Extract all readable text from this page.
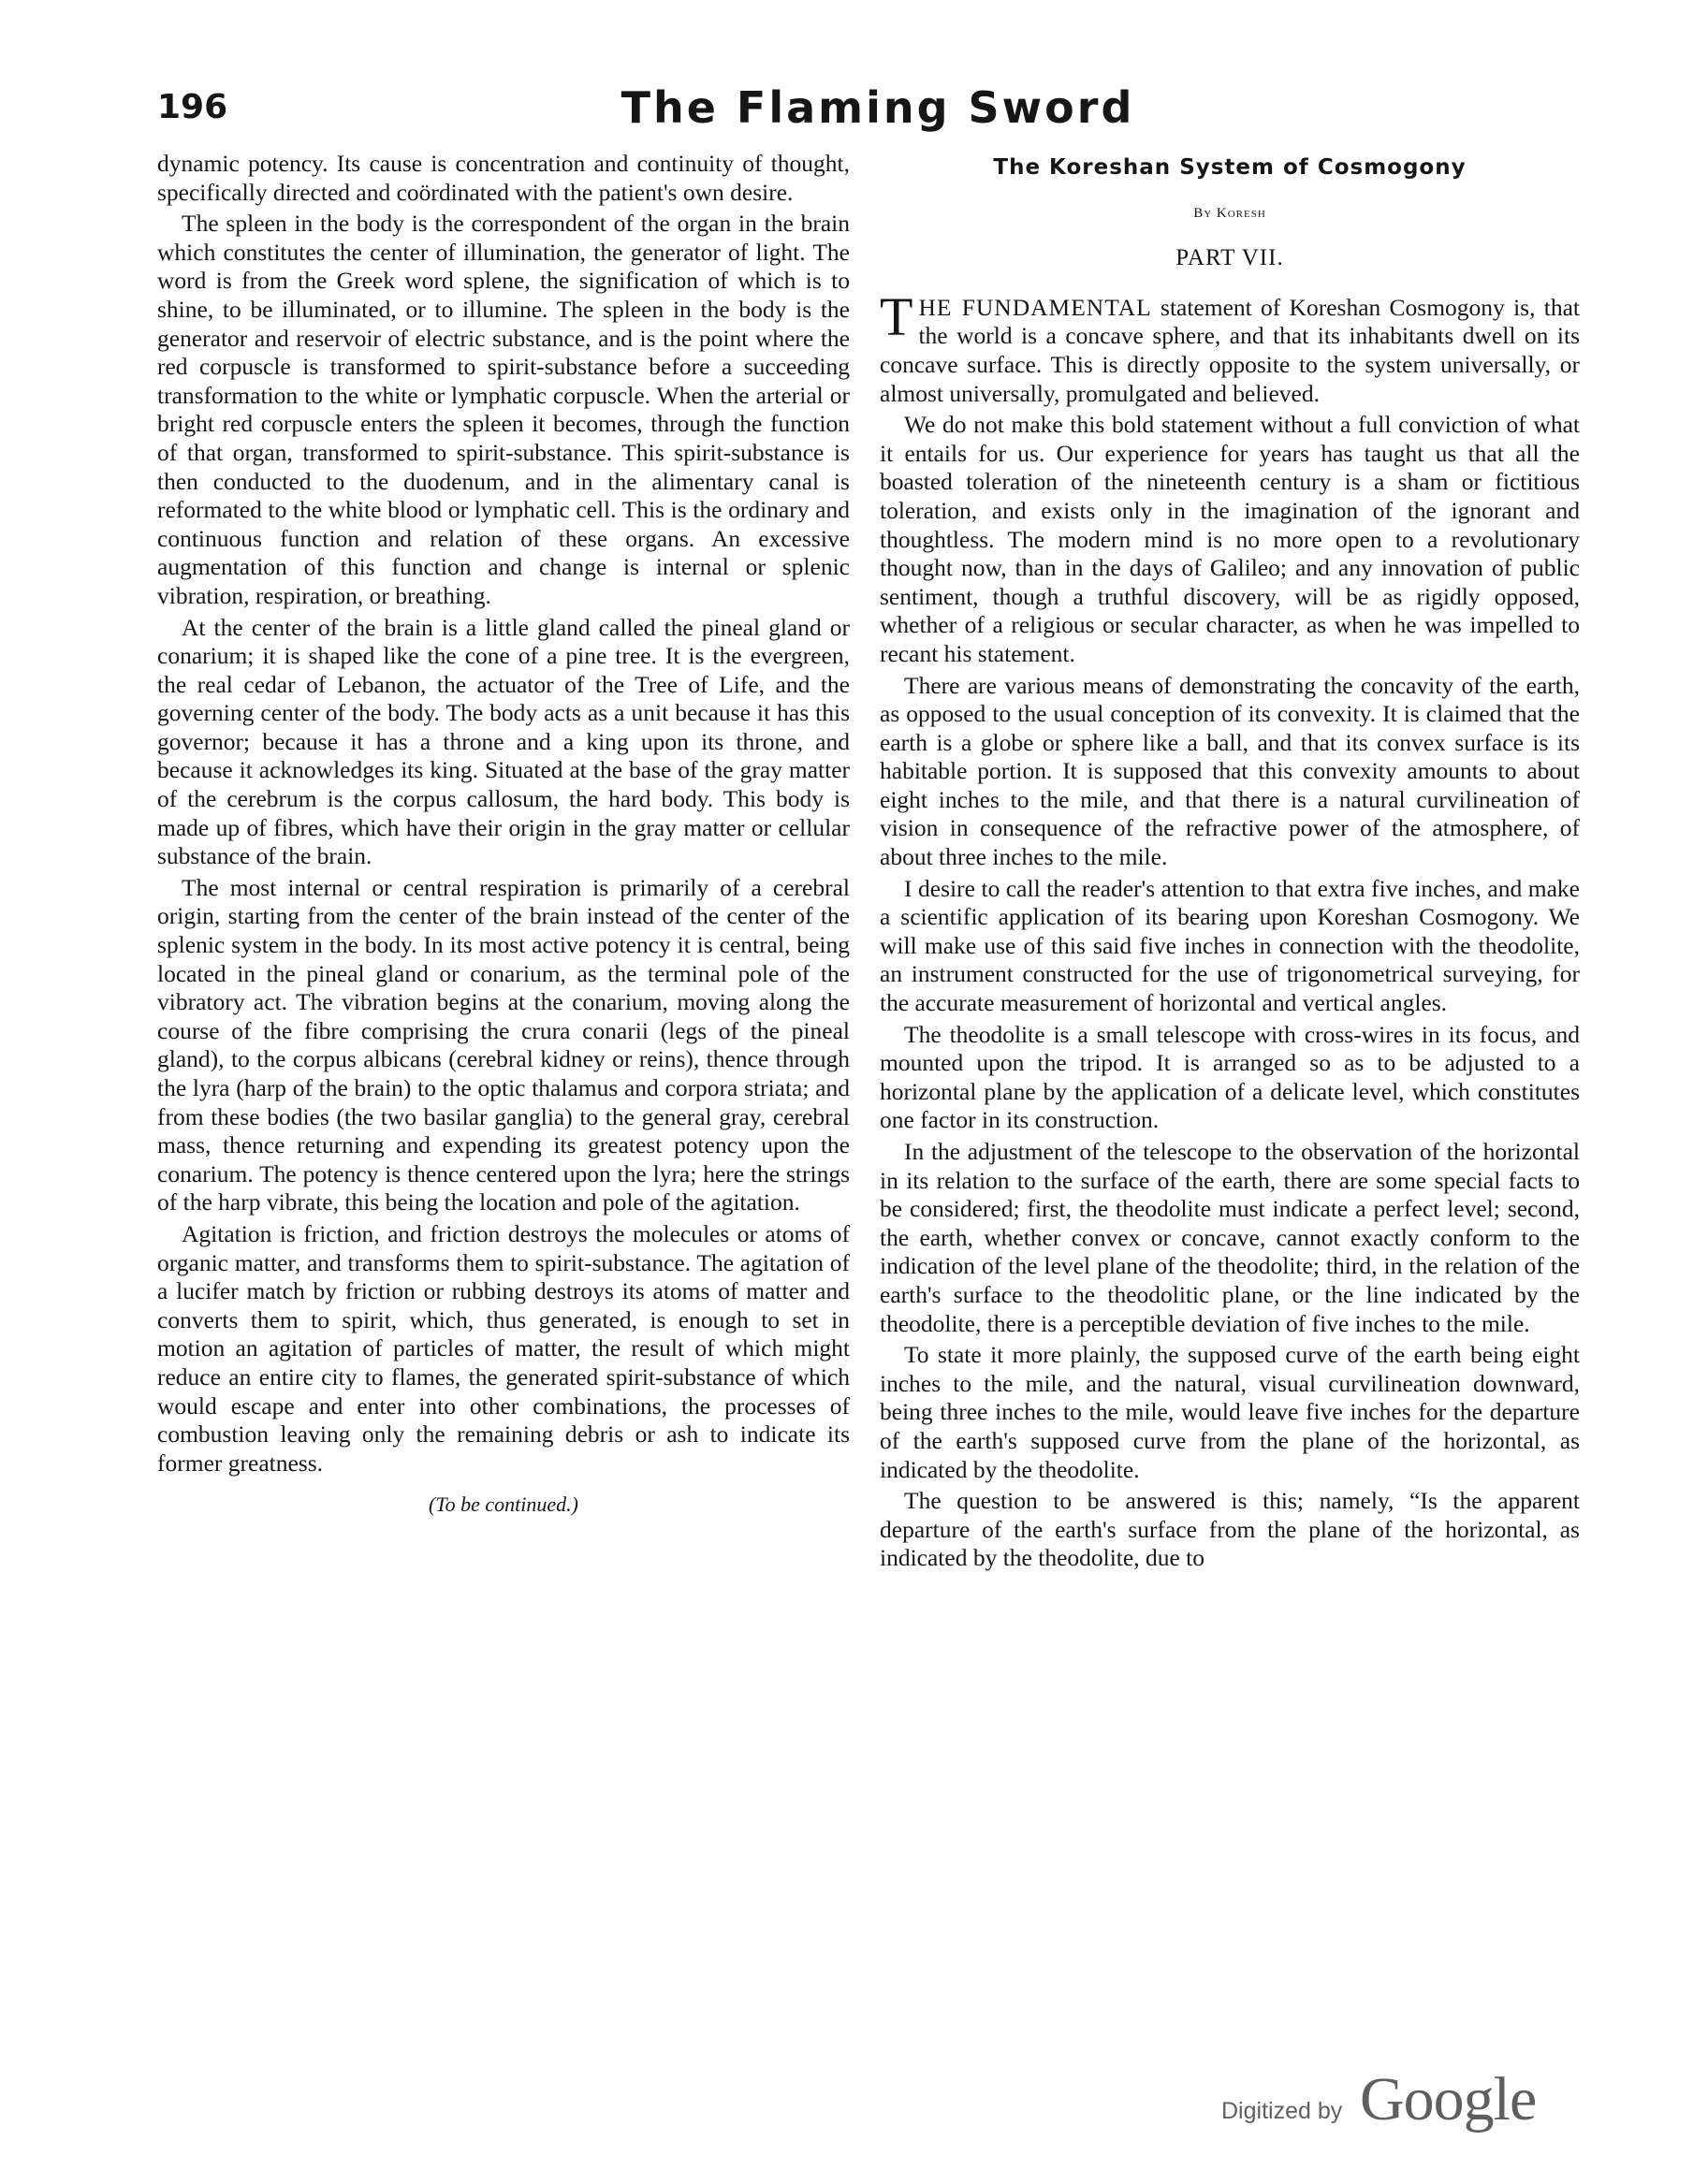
196	The Flaming Sword

dynamic potency. Its cause is concentration and continuity of thought, specifically directed and coördinated with the patient's own desire.

The spleen in the body is the correspondent of the organ in the brain which constitutes the center of illumination, the generator of light. The word is from the Greek word splene, the signification of which is to shine, to be illuminated, or to illumine. The spleen in the body is the generator and reservoir of electric substance, and is the point where the red corpuscle is transformed to spirit-substance before a succeeding transformation to the white or lymphatic corpuscle. When the arterial or bright red corpuscle enters the spleen it becomes, through the function of that organ, transformed to spirit-substance. This spirit-substance is then conducted to the duodenum, and in the alimentary canal is reformated to the white blood or lymphatic cell. This is the ordinary and continuous function and relation of these organs. An excessive augmentation of this function and change is internal or splenic vibration, respiration, or breathing.

At the center of the brain is a little gland called the pineal gland or conarium; it is shaped like the cone of a pine tree. It is the evergreen, the real cedar of Lebanon, the actuator of the Tree of Life, and the governing center of the body. The body acts as a unit because it has this governor; because it has a throne and a king upon its throne, and because it acknowledges its king. Situated at the base of the gray matter of the cerebrum is the corpus callosum, the hard body. This body is made up of fibres, which have their origin in the gray matter or cellular substance of the brain.

The most internal or central respiration is primarily of a cerebral origin, starting from the center of the brain instead of the center of the splenic system in the body. In its most active potency it is central, being located in the pineal gland or conarium, as the terminal pole of the vibratory act. The vibration begins at the conarium, moving along the course of the fibre comprising the crura conarii (legs of the pineal gland), to the corpus albicans (cerebral kidney or reins), thence through the lyra (harp of the brain) to the optic thalamus and corpora striata; and from these bodies (the two basilar ganglia) to the general gray, cerebral mass, thence returning and expending its greatest potency upon the conarium. The potency is thence centered upon the lyra; here the strings of the harp vibrate, this being the location and pole of the agitation.

Agitation is friction, and friction destroys the molecules or atoms of organic matter, and transforms them to spirit-substance. The agitation of a lucifer match by friction or rubbing destroys its atoms of matter and converts them to spirit, which, thus generated, is enough to set in motion an agitation of particles of matter, the result of which might reduce an entire city to flames, the generated spirit-substance of which would escape and enter into other combinations, the processes of combustion leaving only the remaining debris or ash to indicate its former greatness.

(To be continued.)
The Koreshan System of Cosmogony
By Koresh
PART VII.

THE FUNDAMENTAL statement of Koreshan Cosmogony is, that the world is a concave sphere, and that its inhabitants dwell on its concave surface. This is directly opposite to the system universally, or almost universally, promulgated and believed.

We do not make this bold statement without a full conviction of what it entails for us. Our experience for years has taught us that all the boasted toleration of the nineteenth century is a sham or fictitious toleration, and exists only in the imagination of the ignorant and thoughtless. The modern mind is no more open to a revolutionary thought now, than in the days of Galileo; and any innovation of public sentiment, though a truthful discovery, will be as rigidly opposed, whether of a religious or secular character, as when he was impelled to recant his statement.

There are various means of demonstrating the concavity of the earth, as opposed to the usual conception of its convexity. It is claimed that the earth is a globe or sphere like a ball, and that its convex surface is its habitable portion. It is supposed that this convexity amounts to about eight inches to the mile, and that there is a natural curvilineation of vision in consequence of the refractive power of the atmosphere, of about three inches to the mile.

I desire to call the reader's attention to that extra five inches, and make a scientific application of its bearing upon Koreshan Cosmogony. We will make use of this said five inches in connection with the theodolite, an instrument constructed for the use of trigonometrical surveying, for the accurate measurement of horizontal and vertical angles.

The theodolite is a small telescope with cross-wires in its focus, and mounted upon the tripod. It is arranged so as to be adjusted to a horizontal plane by the application of a delicate level, which constitutes one factor in its construction.

In the adjustment of the telescope to the observation of the horizontal in its relation to the surface of the earth, there are some special facts to be considered; first, the theodolite must indicate a perfect level; second, the earth, whether convex or concave, cannot exactly conform to the indication of the level plane of the theodolite; third, in the relation of the earth's surface to the theodolitic plane, or the line indicated by the theodolite, there is a perceptible deviation of five inches to the mile.

To state it more plainly, the supposed curve of the earth being eight inches to the mile, and the natural, visual curvilineation downward, being three inches to the mile, would leave five inches for the departure of the earth's supposed curve from the plane of the horizontal, as indicated by the theodolite.

The question to be answered is this; namely, “Is the apparent departure of the earth's surface from the plane of the horizontal, as indicated by the theodolite, due to

Digitized by Google
